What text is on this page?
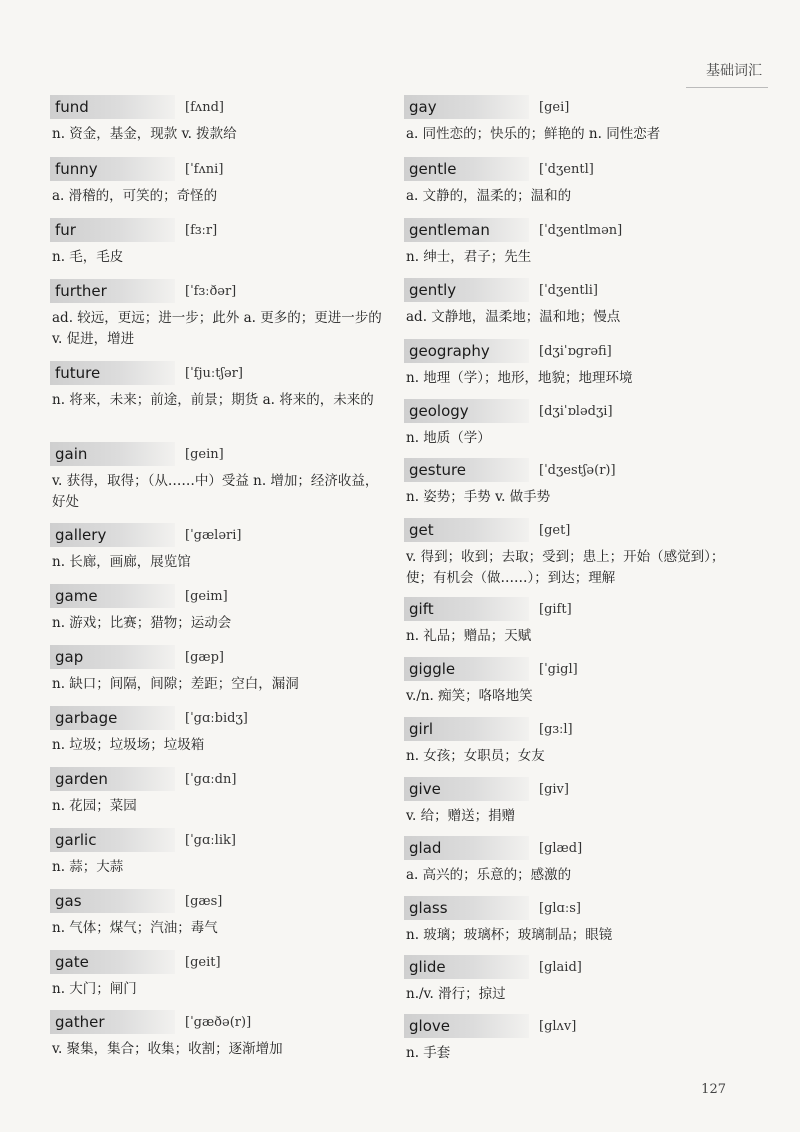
基础词汇
fund	[fʌnd]
n. 资金，基金，现款 v. 拨款给
funny	[ˈfʌni]
a. 滑稽的，可笑的；奇怪的
fur	[fɜːr]
n. 毛，毛皮
further	[ˈfɜːðər]
ad. 较远，更远；进一步；此外 a. 更多的；更进一步的 v. 促进，增进
future	[ˈfjuːtʃər]
n. 将来，未来；前途，前景；期货 a. 将来的，未来的
gain	[gein]
v. 获得，取得；（从……中）受益 n. 增加；经济收益，好处
gallery	[ˈgæləri]
n. 长廊，画廊，展览馆
game	[geim]
n. 游戏；比赛；猎物；运动会
gap	[gæp]
n. 缺口；间隔，间隙；差距；空白，漏洞
garbage	[ˈgɑːbidʒ]
n. 垃圾；垃圾场；垃圾箱
garden	[ˈgɑːdn]
n. 花园；菜园
garlic	[ˈgɑːlik]
n. 蒜；大蒜
gas	[gæs]
n. 气体；煤气；汽油；毒气
gate	[geit]
n. 大门；闸门
gather	[ˈgæðə(r)]
v. 聚集，集合；收集；收割；逐渐增加
gay	[gei]
a. 同性恋的；快乐的；鲜艳的 n. 同性恋者
gentle	[ˈdʒentl]
a. 文静的，温柔的；温和的
gentleman	[ˈdʒentlmən]
n. 绅士，君子；先生
gently	[ˈdʒentli]
ad. 文静地，温柔地；温和地；慢点
geography	[dʒiˈɒgrəfi]
n. 地理（学）；地形，地貌；地理环境
geology	[dʒiˈɒlədʒi]
n. 地质（学）
gesture	[ˈdʒestʃə(r)]
n. 姿势；手势 v. 做手势
get	[get]
v. 得到；收到；去取；受到；患上；开始（感觉到）；使；有机会（做……）；到达；理解
gift	[gift]
n. 礼品；赠品；天赋
giggle	[ˈgigl]
v./n. 痴笑；咯咯地笑
girl	[gɜːl]
n. 女孩；女职员；女友
give	[giv]
v. 给；赠送；捐赠
glad	[glæd]
a. 高兴的；乐意的；感激的
glass	[glɑːs]
n. 玻璃；玻璃杯；玻璃制品；眼镜
glide	[glaid]
n./v. 滑行；掠过
glove	[glʌv]
n. 手套
127
